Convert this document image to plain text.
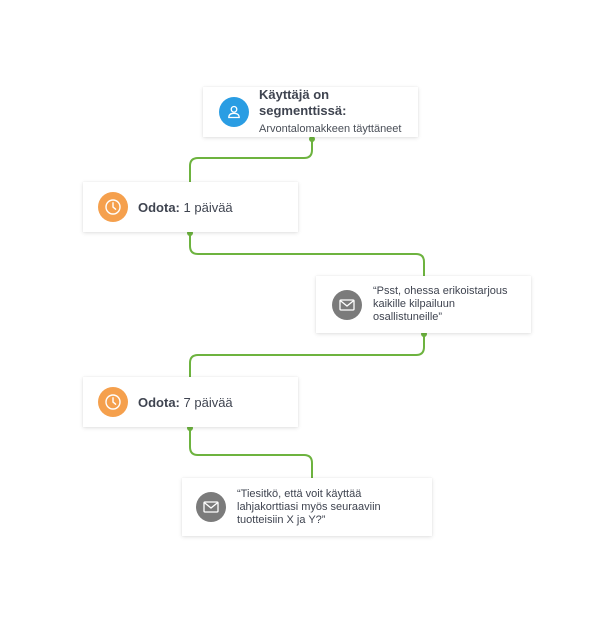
Käyttäjä on segmenttissä:
Arvontalomakkeen täyttäneet
Odota: 1 päivää
“Psst, ohessa erikoistarjous
kaikille kilpailuun
osallistuneille”
Odota: 7 päivää
“Tiesitkö, että voit käyttää
lahjakorttiasi myös seuraaviin
tuotteisiin X ja Y?”
